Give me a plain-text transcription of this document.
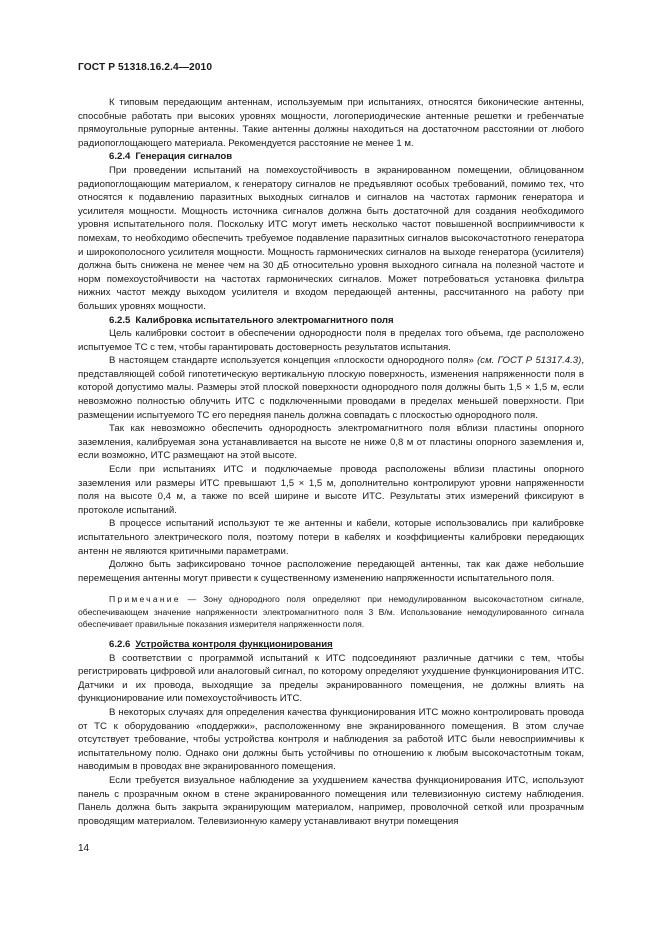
ГОСТ Р 51318.16.2.4—2010

К типовым передающим антеннам, используемым при испытаниях, относятся биконические антенны, способные работать при высоких уровнях мощности, логопериодические антенные решетки и гребенчатые прямоугольные рупорные антенны. Такие антенны должны находиться на достаточном расстоянии от любого радиопоглощающего материала. Рекомендуется расстояние не менее 1 м.

6.2.4 Генерация сигналов

При проведении испытаний на помехоустойчивость в экранированном помещении, облицованном радиопоглощающим материалом, к генератору сигналов не предъявляют особых требований, помимо тех, что относятся к подавлению паразитных выходных сигналов и сигналов на частотах гармоник генератора и усилителя мощности. Мощность источника сигналов должна быть достаточной для создания необходимого уровня испытательного поля. Поскольку ИТС могут иметь несколько частот повышенной восприимчивости к помехам, то необходимо обеспечить требуемое подавление паразитных сигналов высокочастотного генератора и широкополосного усилителя мощности. Мощность гармонических сигналов на выходе генератора (усилителя) должна быть снижена не менее чем на 30 дБ относительно уровня выходного сигнала на полезной частоте и норм помехоустойчивости на частотах гармонических сигналов. Может потребоваться установка фильтра нижних частот между выходом усилителя и входом передающей антенны, рассчитанного на работу при больших уровнях мощности.

6.2.5 Калибровка испытательного электромагнитного поля

Цель калибровки состоит в обеспечении однородности поля в пределах того объема, где расположено испытуемое ТС с тем, чтобы гарантировать достоверность результатов испытания.

В настоящем стандарте используется концепция «плоскости однородного поля» (см. ГОСТ Р 51317.4.3), представляющей собой гипотетическую вертикальную плоскую поверхность, изменения напряженности поля в которой допустимо малы. Размеры этой плоской поверхности однородного поля должны быть 1,5 × 1,5 м, если невозможно полностью облучить ИТС с подключенными проводами в пределах меньшей поверхности. При размещении испытуемого ТС его передняя панель должна совпадать с плоскостью однородного поля.

Так как невозможно обеспечить однородность электромагнитного поля вблизи пластины опорного заземления, калибруемая зона устанавливается на высоте не ниже 0,8 м от пластины опорного заземления и, если возможно, ИТС размещают на этой высоте.

Если при испытаниях ИТС и подключаемые провода расположены вблизи пластины опорного заземления или размеры ИТС превышают 1,5 × 1,5 м, дополнительно контролируют уровни напряженности поля на высоте 0,4 м, а также по всей ширине и высоте ИТС. Результаты этих измерений фиксируют в протоколе испытаний.

В процессе испытаний используют те же антенны и кабели, которые использовались при калибровке испытательного электрического поля, поэтому потери в кабелях и коэффициенты калибровки передающих антенн не являются критичными параметрами.

Должно быть зафиксировано точное расположение передающей антенны, так как даже небольшие перемещения антенны могут привести к существенному изменению напряженности испытательного поля.

Примечание — Зону однородного поля определяют при немодулированном высокочастотном сигнале, обеспечивающем значение напряженности электромагнитного поля 3 В/м. Использование немодулированного сигнала обеспечивает правильные показания измерителя напряженности поля.

6.2.6 Устройства контроля функционирования

В соответствии с программой испытаний к ИТС подсоединяют различные датчики с тем, чтобы регистрировать цифровой или аналоговый сигнал, по которому определяют ухудшение функционирования ИТС. Датчики и их провода, выходящие за пределы экранированного помещения, не должны влиять на функционирование или помехоустойчивость ИТС.

В некоторых случаях для определения качества функционирования ИТС можно контролировать провода от ТС к оборудованию «поддержки», расположенному вне экранированного помещения. В этом случае отсутствует требование, чтобы устройства контроля и наблюдения за работой ИТС были невосприимчивы к испытательному полю. Однако они должны быть устойчивы по отношению к любым высокочастотным токам, наводимым в проводах вне экранированного помещения.

Если требуется визуальное наблюдение за ухудшением качества функционирования ИТС, используют панель с прозрачным окном в стене экранированного помещения или телевизионную систему наблюдения. Панель должна быть закрыта экранирующим материалом, например, проволочной сеткой или прозрачным проводящим материалом. Телевизионную камеру устанавливают внутри помещения

14
